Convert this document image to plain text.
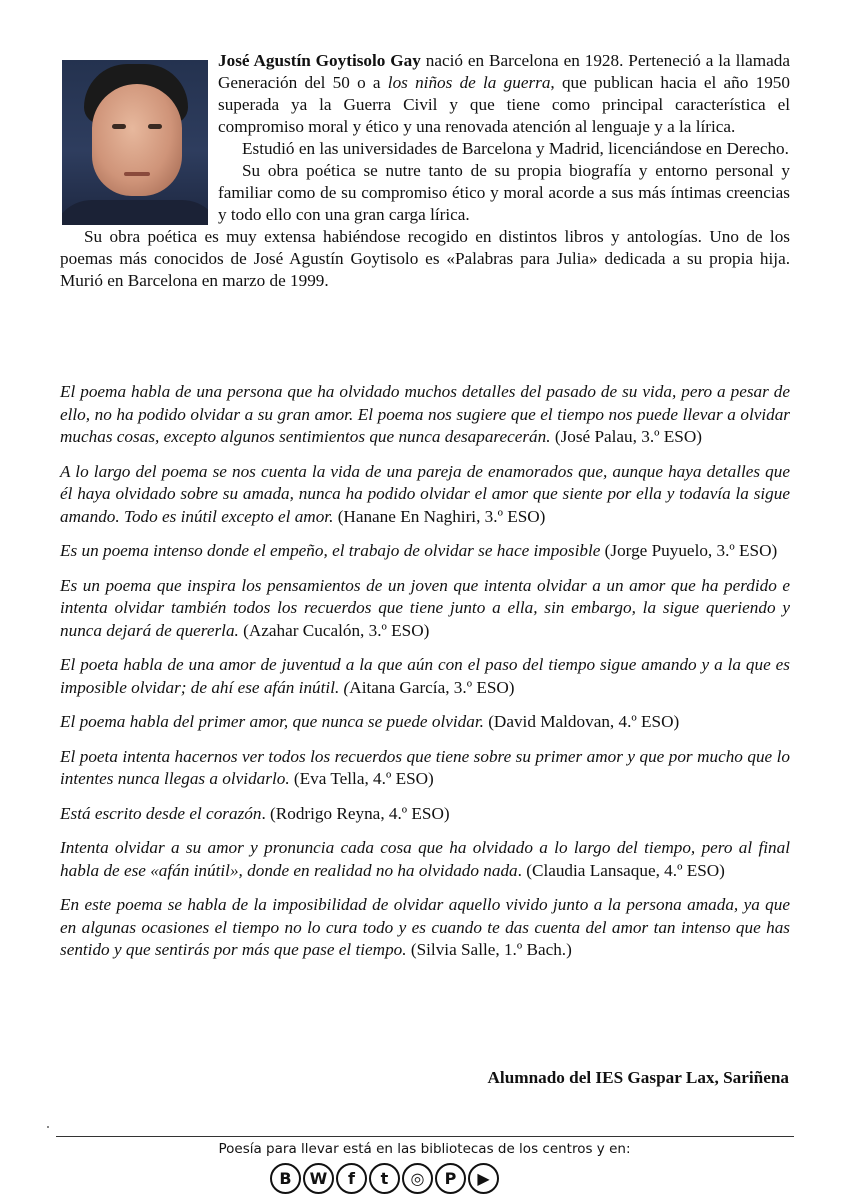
José Agustín Goytisolo Gay nació en Barcelona en 1928. Perteneció a la llamada Generación del 50 o a los niños de la guerra, que publican hacia el año 1950 superada ya la Guerra Civil y que tiene como principal característica el compromiso moral y ético y una renovada atención al lenguaje y a la lírica.

Estudió en las universidades de Barcelona y Madrid, licenciándose en Derecho.

Su obra poética se nutre tanto de su propia biografía y entorno personal y familiar como de su compromiso ético y moral acorde a sus más íntimas creencias y todo ello con una gran carga lírica.

Su obra poética es muy extensa habiéndose recogido en distintos libros y antologías. Uno de los poemas más conocidos de José Agustín Goytisolo es «Palabras para Julia» dedicada a su propia hija. Murió en Barcelona en marzo de 1999.

El poema habla de una persona que ha olvidado muchos detalles del pasado de su vida, pero a pesar de ello, no ha podido olvidar a su gran amor. El poema nos sugiere que el tiempo nos puede llevar a olvidar muchas cosas, excepto algunos sentimientos que nunca desaparecerán. (José Palau, 3.º ESO)

A lo largo del poema se nos cuenta la vida de una pareja de enamorados que, aunque haya detalles que él haya olvidado sobre su amada, nunca ha podido olvidar el amor que siente por ella y todavía la sigue amando. Todo es inútil excepto el amor. (Hanane En Naghiri, 3.º ESO)

Es un poema intenso donde el empeño, el trabajo de olvidar se hace imposible (Jorge Puyuelo, 3.º ESO)

Es un poema que inspira los pensamientos de un joven que intenta olvidar a un amor que ha perdido e intenta olvidar también todos los recuerdos que tiene junto a ella, sin embargo, la sigue queriendo y nunca dejará de quererla. (Azahar Cucalón, 3.º ESO)

El poeta habla de una amor de juventud a la que aún con el paso del tiempo sigue amando y a la que es imposible olvidar; de ahí ese afán inútil. (Aitana García, 3.º ESO)

El poema habla del primer amor, que nunca se puede olvidar. (David Maldovan, 4.º ESO)

El poeta intenta hacernos ver todos los recuerdos que tiene sobre su primer amor y que por mucho que lo intentes nunca llegas a olvidarlo. (Eva Tella, 4.º ESO)

Está escrito desde el corazón. (Rodrigo Reyna, 4.º ESO)

Intenta olvidar a su amor y pronuncia cada cosa que ha olvidado a lo largo del tiempo, pero al final habla de ese «afán inútil», donde en realidad no ha olvidado nada. (Claudia Lansaque, 4.º ESO)

En este poema se habla de la imposibilidad de olvidar aquello vivido junto a la persona amada, ya que en algunas ocasiones el tiempo no lo cura todo y es cuando te das cuenta del amor tan intenso que has sentido y que sentirás por más que pase el tiempo. (Silvia Salle, 1.º Bach.)

Alumnado del IES Gaspar Lax, Sariñena
Poesía para llevar está en las bibliotecas de los centros y en:
B	W	f	t	◎	P	▶
